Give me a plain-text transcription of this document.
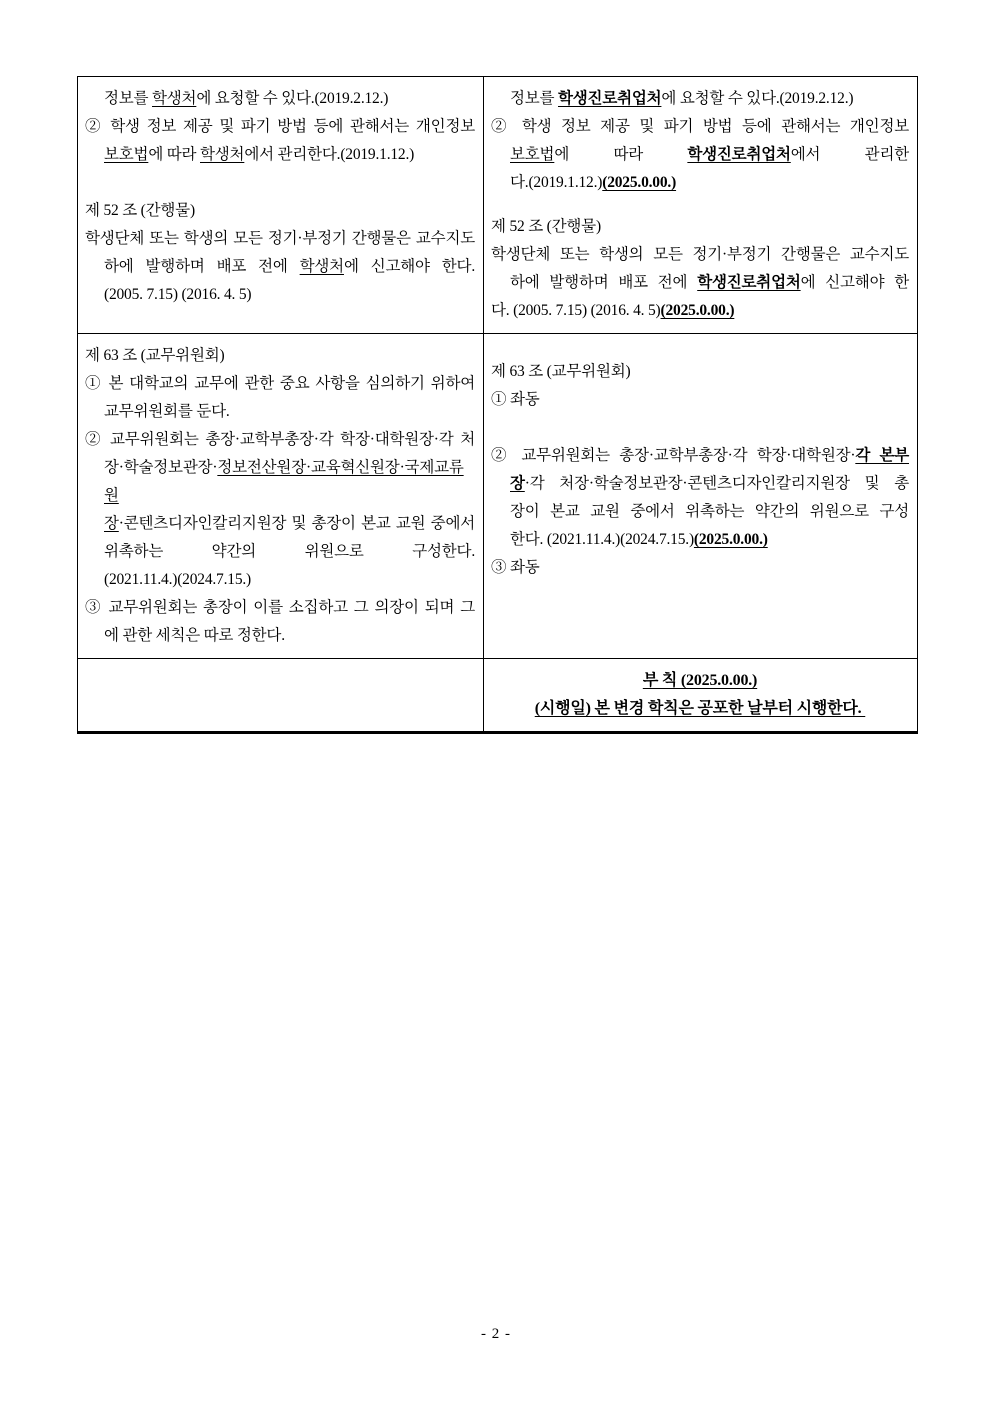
정보를 학생처에 요청할 수 있다.(2019.2.12.)
② 학생 정보 제공 및 파기 방법 등에 관해서는 개인정보
보호법에 따라 학생처에서 관리한다.(2019.1.12.)
제 52 조 (간행물)
학생단체 또는 학생의 모든 정기·부정기 간행물은 교수지도
하에 발행하며 배포 전에 학생처에 신고해야 한다.
(2005. 7.15) (2016. 4. 5)
정보를 학생진로취업처에 요청할 수 있다.(2019.2.12.)
② 학생 정보 제공 및 파기 방법 등에 관해서는 개인정보
보호법에 따라 학생진로취업처에서 관리한
다.(2019.1.12.)(2025.0.00.)
제 52 조 (간행물)
학생단체 또는 학생의 모든 정기·부정기 간행물은 교수지도
하에 발행하며 배포 전에 학생진로취업처에 신고해야 한
다. (2005. 7.15) (2016. 4. 5)(2025.0.00.)
제 63 조 (교무위원회)
① 본 대학교의 교무에 관한 중요 사항을 심의하기 위하여
교무위원회를 둔다.
② 교무위원회는 총장·교학부총장·각 학장·대학원장·각 처
장·학술정보관장·정보전산원장·교육혁신원장·국제교류원
장·콘텐츠디자인칼리지원장 및 총장이 본교 교원 중에서
위촉하는 약간의 위원으로 구성한다.
(2021.11.4.)(2024.7.15.)
③ 교무위원회는 총장이 이를 소집하고 그 의장이 되며 그
에 관한 세칙은 따로 정한다.
제 63 조 (교무위원회)
① 좌동
② 교무위원회는 총장·교학부총장·각 학장·대학원장·각 본부
장·각 처장·학술정보관장·콘텐츠디자인칼리지원장 및 총
장이 본교 교원 중에서 위촉하는 약간의 위원으로 구성
한다. (2021.11.4.)(2024.7.15.)(2025.0.00.)
③ 좌동
부 칙 (2025.0.00.)
(시행일) 본 변경 학칙은 공포한 날부터 시행한다.
- 2 -
